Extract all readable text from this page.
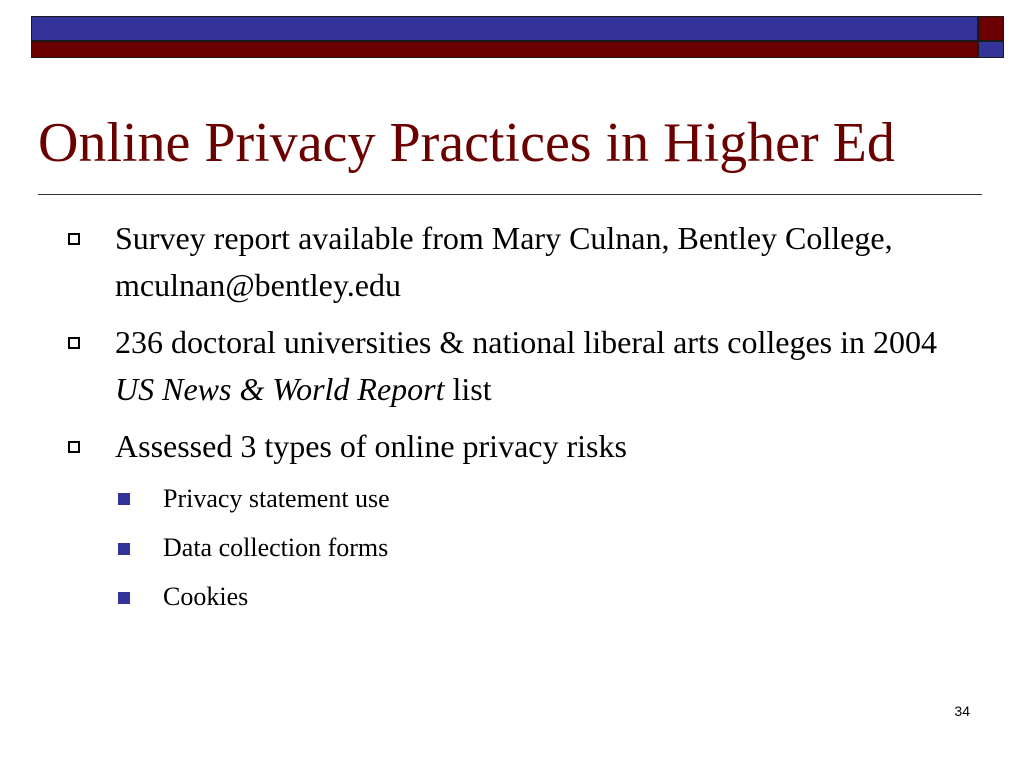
Online Privacy Practices in Higher Ed
Survey report available from Mary Culnan, Bentley College, mculnan@bentley.edu
236 doctoral universities & national liberal arts colleges in 2004 US News & World Report list
Assessed 3 types of online privacy risks
Privacy statement use
Data collection forms
Cookies
34
